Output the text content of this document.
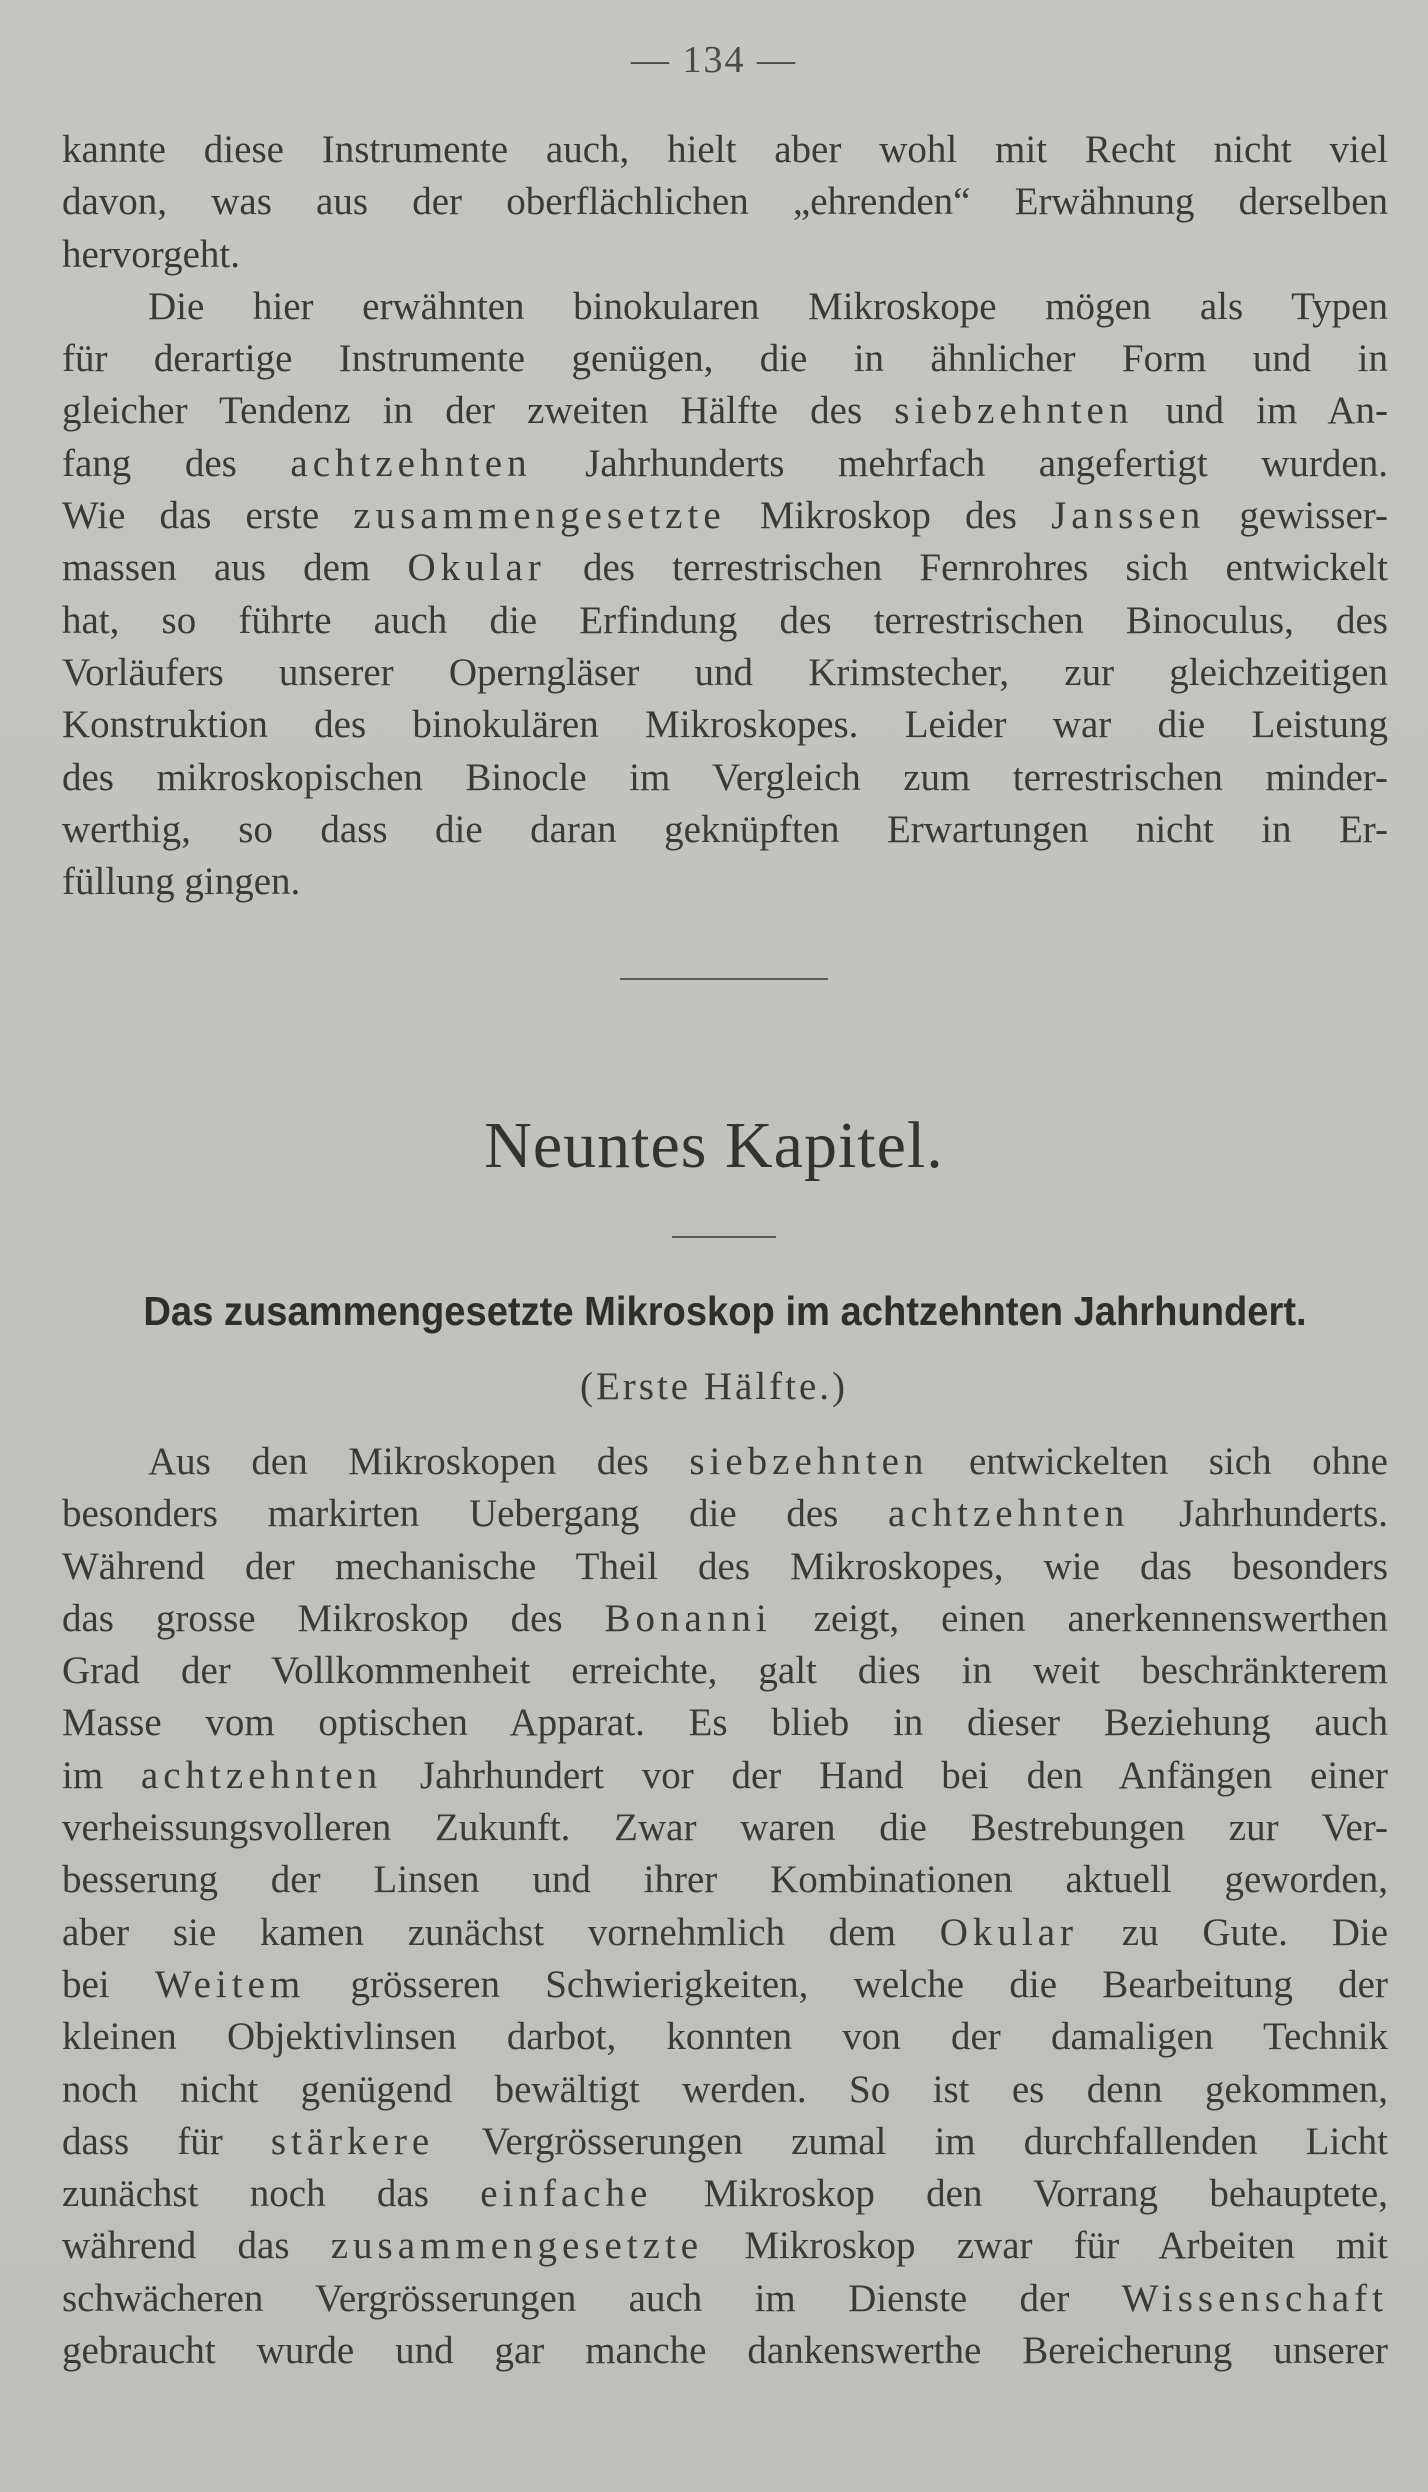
— 134 —
kannte diese Instrumente auch, hielt aber wohl mit Recht nicht viel
davon, was aus der oberflächlichen „ehrenden“ Erwähnung derselben
hervorgeht.
Die hier erwähnten binokularen Mikroskope mögen als Typen
für derartige Instrumente genügen, die in ähnlicher Form und in
gleicher Tendenz in der zweiten Hälfte des siebzehnten und im An-
fang des achtzehnten Jahrhunderts mehrfach angefertigt wurden.
Wie das erste zusammengesetzte Mikroskop des Janssen gewisser-
massen aus dem Okular des terrestrischen Fernrohres sich entwickelt
hat, so führte auch die Erfindung des terrestrischen Binoculus, des
Vorläufers unserer Operngläser und Krimstecher, zur gleichzeitigen
Konstruktion des binokulären Mikroskopes. Leider war die Leistung
des mikroskopischen Binocle im Vergleich zum terrestrischen minder-
werthig, so dass die daran geknüpften Erwartungen nicht in Er-
füllung gingen.
Neuntes Kapitel.
Das zusammengesetzte Mikroskop im achtzehnten Jahrhundert.
(Erste Hälfte.)
Aus den Mikroskopen des siebzehnten entwickelten sich ohne
besonders markirten Uebergang die des achtzehnten Jahrhunderts.
Während der mechanische Theil des Mikroskopes, wie das besonders
das grosse Mikroskop des Bonanni zeigt, einen anerkennenswerthen
Grad der Vollkommenheit erreichte, galt dies in weit beschränkterem
Masse vom optischen Apparat. Es blieb in dieser Beziehung auch
im achtzehnten Jahrhundert vor der Hand bei den Anfängen einer
verheissungsvolleren Zukunft. Zwar waren die Bestrebungen zur Ver-
besserung der Linsen und ihrer Kombinationen aktuell geworden,
aber sie kamen zunächst vornehmlich dem Okular zu Gute. Die
bei Weitem grösseren Schwierigkeiten, welche die Bearbeitung der
kleinen Objektivlinsen darbot, konnten von der damaligen Technik
noch nicht genügend bewältigt werden. So ist es denn gekommen,
dass für stärkere Vergrösserungen zumal im durchfallenden Licht
zunächst noch das einfache Mikroskop den Vorrang behauptete,
während das zusammengesetzte Mikroskop zwar für Arbeiten mit
schwächeren Vergrösserungen auch im Dienste der Wissenschaft
gebraucht wurde und gar manche dankenswerthe Bereicherung unserer
